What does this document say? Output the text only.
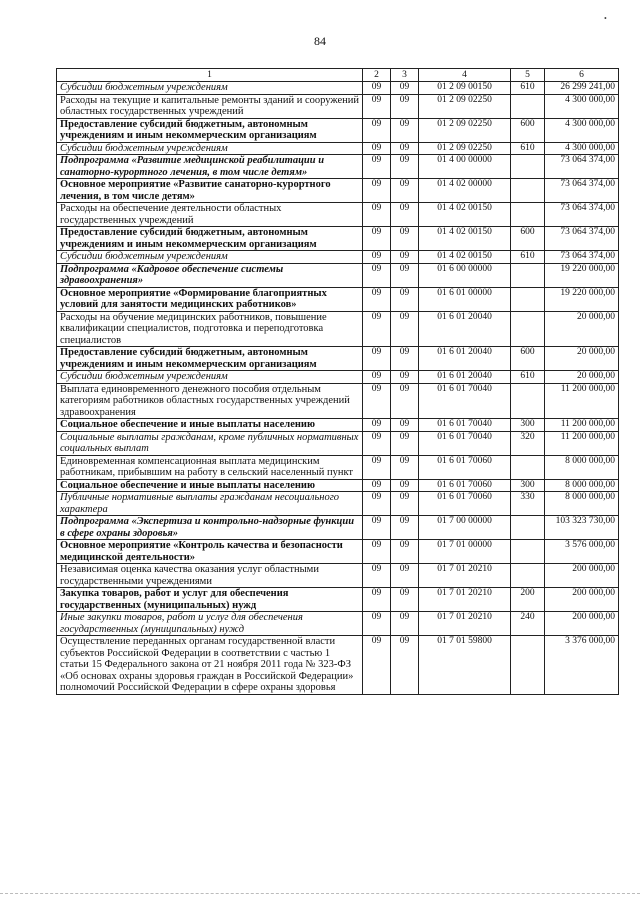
84
•
1	2	3	4	5	6
Субсидии бюджетным учреждениям	09	09	01 2 09 00150	610	26 299 241,00
Расходы на текущие и капитальные ремонты зданий и сооружений областных государственных учреждений	09	09	01 2 09 02250		4 300 000,00
Предоставление субсидий бюджетным, автономным учреждениям и иным некоммерческим организациям	09	09	01 2 09 02250	600	4 300 000,00
Субсидии бюджетным учреждениям	09	09	01 2 09 02250	610	4 300 000,00
Подпрограмма «Развитие медицинской реабилитации и санаторно-курортного лечения, в том числе детям»	09	09	01 4 00 00000		73 064 374,00
Основное мероприятие «Развитие санаторно-курортного лечения, в том числе детям»	09	09	01 4 02 00000		73 064 374,00
Расходы на обеспечение деятельности областных государственных учреждений	09	09	01 4 02 00150		73 064 374,00
Предоставление субсидий бюджетным, автономным учреждениям и иным некоммерческим организациям	09	09	01 4 02 00150	600	73 064 374,00
Субсидии бюджетным учреждениям	09	09	01 4 02 00150	610	73 064 374,00
Подпрограмма «Кадровое обеспечение системы здравоохранения»	09	09	01 6 00 00000		19 220 000,00
Основное мероприятие «Формирование благоприятных условий для занятости медицинских работников»	09	09	01 6 01 00000		19 220 000,00
Расходы на обучение медицинских работников, повышение квалификации специалистов, подготовка и переподготовка специалистов	09	09	01 6 01 20040		20 000,00
Предоставление субсидий бюджетным, автономным учреждениям и иным некоммерческим организациям	09	09	01 6 01 20040	600	20 000,00
Субсидии бюджетным учреждениям	09	09	01 6 01 20040	610	20 000,00
Выплата единовременного денежного пособия отдельным категориям работников областных государственных учреждений здравоохранения	09	09	01 6 01 70040		11 200 000,00
Социальное обеспечение и иные выплаты населению	09	09	01 6 01 70040	300	11 200 000,00
Социальные выплаты гражданам, кроме публичных нормативных социальных выплат	09	09	01 6 01 70040	320	11 200 000,00
Единовременная компенсационная выплата медицинским работникам, прибывшим на работу в сельский населенный пункт	09	09	01 6 01 70060		8 000 000,00
Социальное обеспечение и иные выплаты населению	09	09	01 6 01 70060	300	8 000 000,00
Публичные нормативные выплаты гражданам несоциального характера	09	09	01 6 01 70060	330	8 000 000,00
Подпрограмма «Экспертиза и контрольно-надзорные функции в сфере охраны здоровья»	09	09	01 7 00 00000		103 323 730,00
Основное мероприятие «Контроль качества и безопасности медицинской деятельности»	09	09	01 7 01 00000		3 576 000,00
Независимая оценка качества оказания услуг областными государственными учреждениями	09	09	01 7 01 20210		200 000,00
Закупка товаров, работ и услуг для обеспечения государственных (муниципальных) нужд	09	09	01 7 01 20210	200	200 000,00
Иные закупки товаров, работ и услуг для обеспечения государственных (муниципальных) нужд	09	09	01 7 01 20210	240	200 000,00
Осуществление переданных органам государственной власти субъектов Российской Федерации в соответствии с частью 1 статьи 15 Федерального закона от 21 ноября 2011 года № 323-ФЗ «Об основах охраны здоровья граждан в Российской Федерации» полномочий Российской Федерации в сфере охраны здоровья	09	09	01 7 01 59800		3 376 000,00
